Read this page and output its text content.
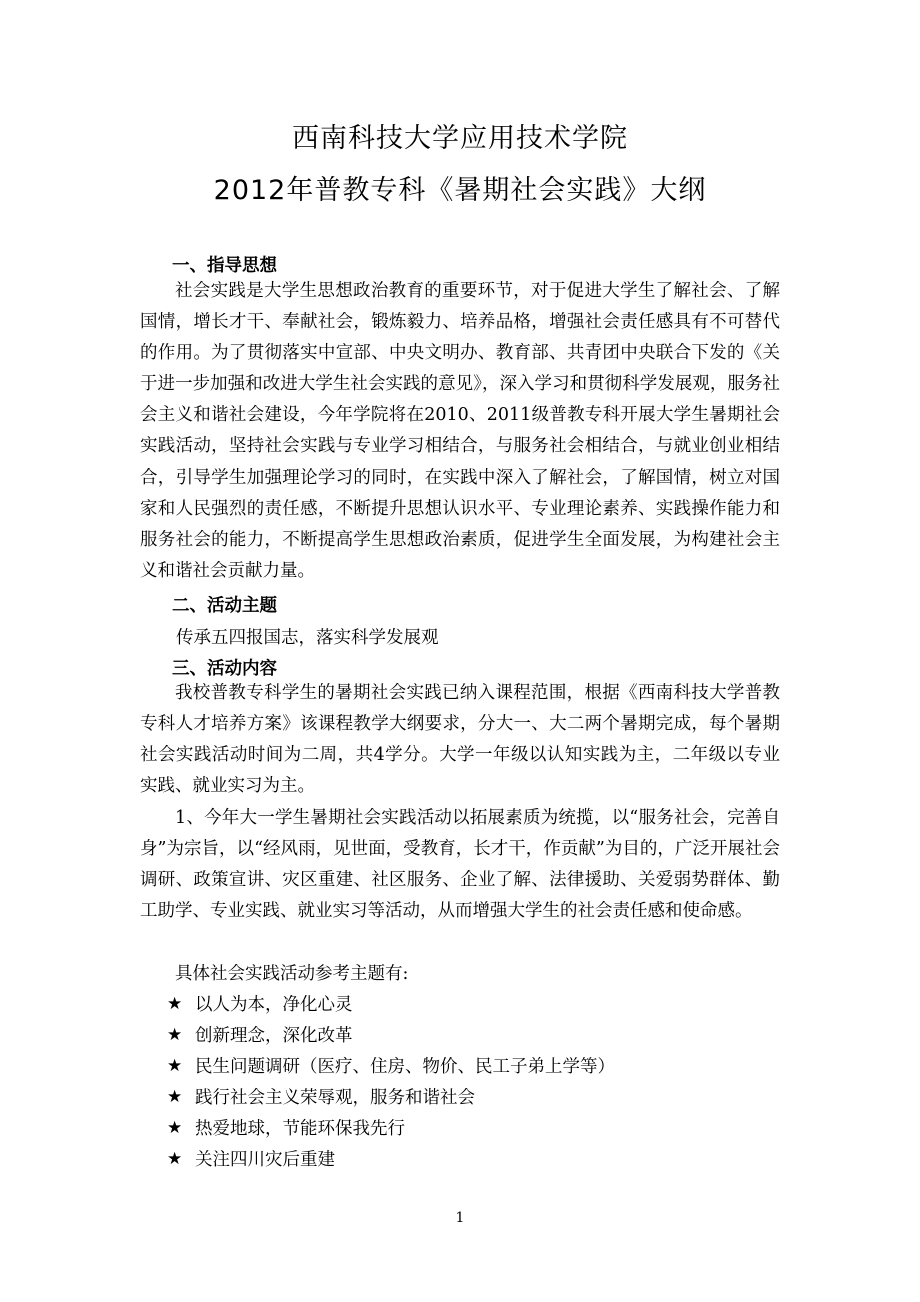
西南科技大学应用技术学院
2012年普教专科《暑期社会实践》大纲
一、指导思想
社会实践是大学生思想政治教育的重要环节，对于促进大学生了解社会、了解国情，增长才干、奉献社会，锻炼毅力、培养品格，增强社会责任感具有不可替代的作用。为了贯彻落实中宣部、中央文明办、教育部、共青团中央联合下发的《关于进一步加强和改进大学生社会实践的意见》，深入学习和贯彻科学发展观，服务社会主义和谐社会建设，今年学院将在2010、2011级普教专科开展大学生暑期社会实践活动，坚持社会实践与专业学习相结合，与服务社会相结合，与就业创业相结合，引导学生加强理论学习的同时，在实践中深入了解社会，了解国情，树立对国家和人民强烈的责任感，不断提升思想认识水平、专业理论素养、实践操作能力和服务社会的能力，不断提高学生思想政治素质，促进学生全面发展，为构建社会主义和谐社会贡献力量。
二、活动主题
传承五四报国志，落实科学发展观
三、活动内容
我校普教专科学生的暑期社会实践已纳入课程范围，根据《西南科技大学普教专科人才培养方案》该课程教学大纲要求，分大一、大二两个暑期完成，每个暑期社会实践活动时间为二周，共4学分。大学一年级以认知实践为主，二年级以专业实践、就业实习为主。
1、今年大一学生暑期社会实践活动以拓展素质为统揽，以“服务社会，完善自身”为宗旨，以“经风雨，见世面，受教育，长才干，作贡献”为目的，广泛开展社会调研、政策宣讲、灾区重建、社区服务、企业了解、法律援助、关爱弱势群体、勤工助学、专业实践、就业实习等活动，从而增强大学生的社会责任感和使命感。
具体社会实践活动参考主题有:
★ 以人为本，净化心灵
★ 创新理念，深化改革
★ 民生问题调研（医疗、住房、物价、民工子弟上学等）
★ 践行社会主义荣辱观，服务和谐社会
★ 热爱地球，节能环保我先行
★ 关注四川灾后重建
1
